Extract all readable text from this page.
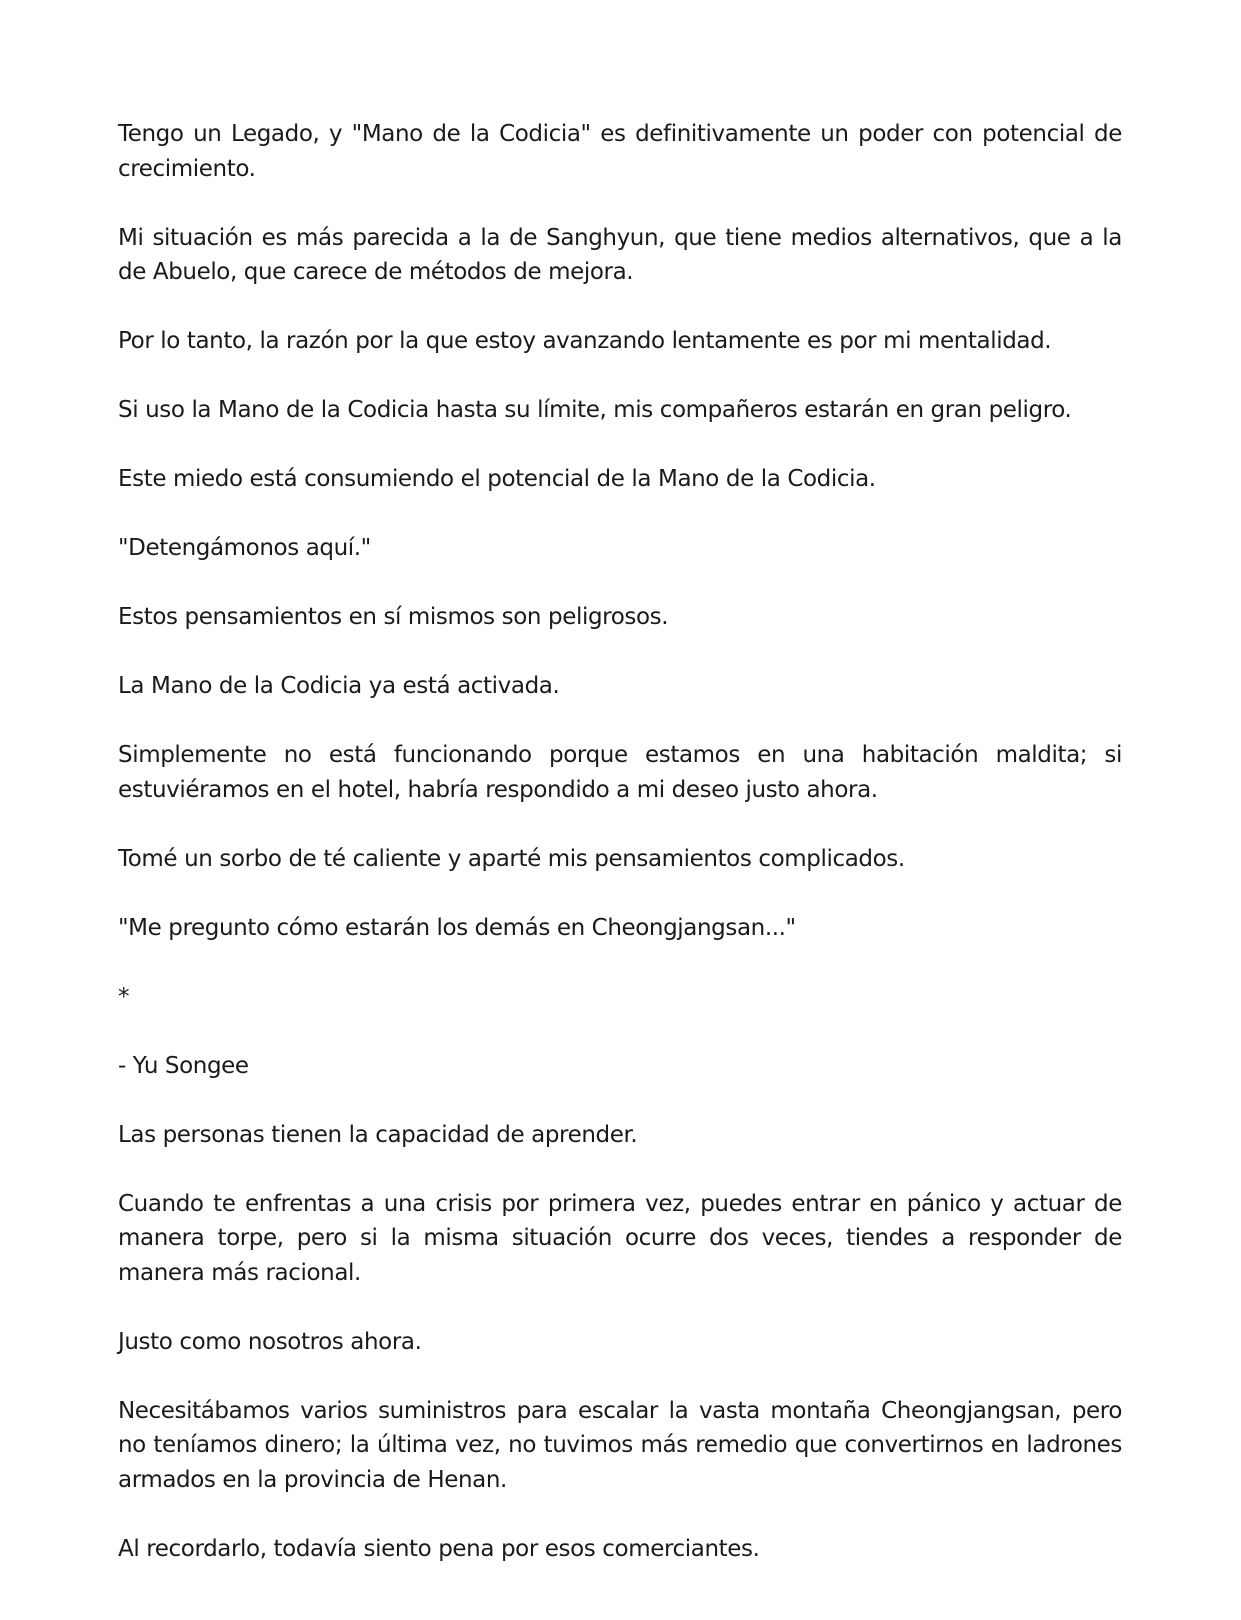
Tengo un Legado, y "Mano de la Codicia" es definitivamente un poder con potencial de crecimiento.

Mi situación es más parecida a la de Sanghyun, que tiene medios alternativos, que a la de Abuelo, que carece de métodos de mejora.

Por lo tanto, la razón por la que estoy avanzando lentamente es por mi mentalidad.

Si uso la Mano de la Codicia hasta su límite, mis compañeros estarán en gran peligro.

Este miedo está consumiendo el potencial de la Mano de la Codicia.

"Detengámonos aquí."

Estos pensamientos en sí mismos son peligrosos.

La Mano de la Codicia ya está activada.

Simplemente no está funcionando porque estamos en una habitación maldita; si estuviéramos en el hotel, habría respondido a mi deseo justo ahora.

Tomé un sorbo de té caliente y aparté mis pensamientos complicados.

"Me pregunto cómo estarán los demás en Cheongjangsan..."

*

- Yu Songee

Las personas tienen la capacidad de aprender.

Cuando te enfrentas a una crisis por primera vez, puedes entrar en pánico y actuar de manera torpe, pero si la misma situación ocurre dos veces, tiendes a responder de manera más racional.

Justo como nosotros ahora.

Necesitábamos varios suministros para escalar la vasta montaña Cheongjangsan, pero no teníamos dinero; la última vez, no tuvimos más remedio que convertirnos en ladrones armados en la provincia de Henan.

Al recordarlo, todavía siento pena por esos comerciantes.
